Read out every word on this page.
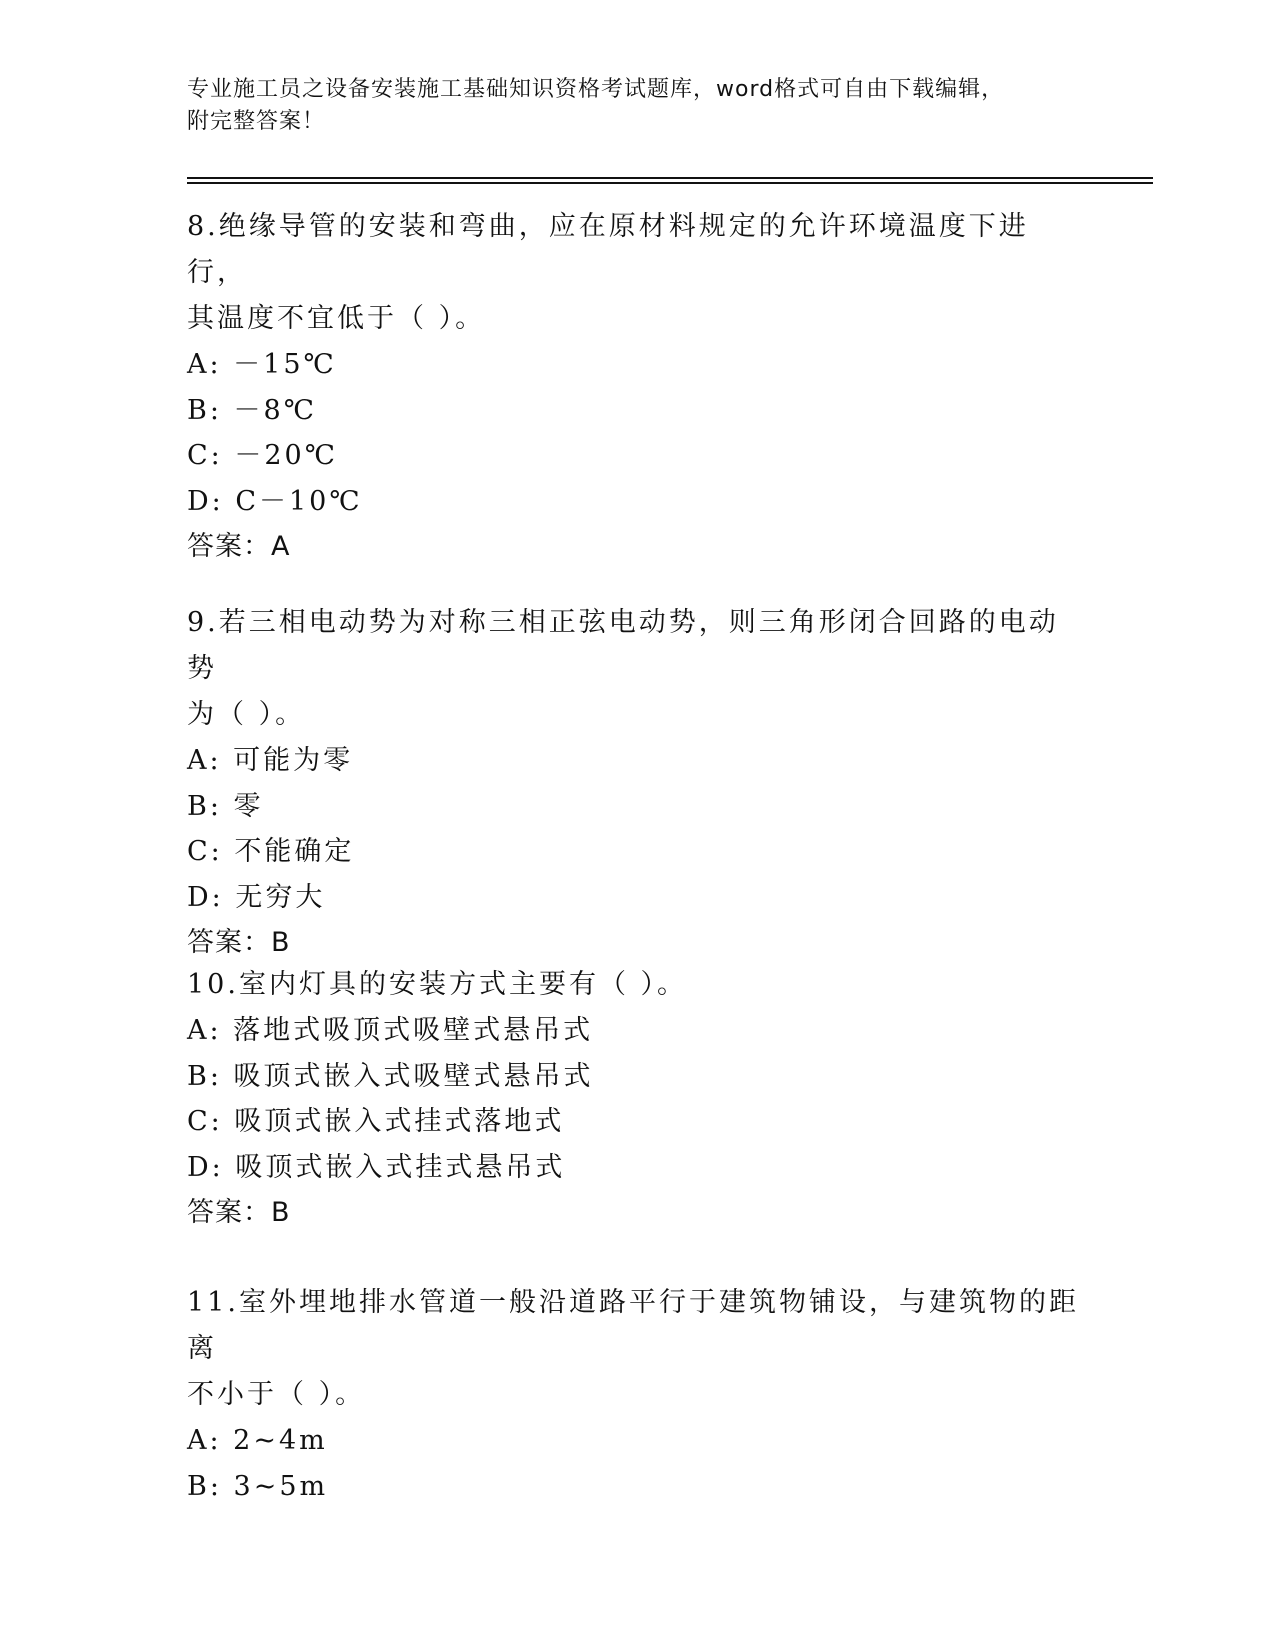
专业施工员之设备安装施工基础知识资格考试题库，word格式可自由下载编辑，
附完整答案！

8.绝缘导管的安装和弯曲，应在原材料规定的允许环境温度下进行，

其温度不宜低于（ ）。

A: －15℃

B: －8℃

C: －20℃

D: C－10℃

答案：A

9.若三相电动势为对称三相正弦电动势，则三角形闭合回路的电动势

为（ ）。

A: 可能为零

B: 零

C: 不能确定

D: 无穷大

答案：B

10.室内灯具的安装方式主要有（ ）。

A: 落地式吸顶式吸壁式悬吊式

B: 吸顶式嵌入式吸壁式悬吊式

C: 吸顶式嵌入式挂式落地式

D: 吸顶式嵌入式挂式悬吊式

答案：B

11.室外埋地排水管道一般沿道路平行于建筑物铺设，与建筑物的距离

不小于（ ）。

A: 2~4m

B: 3~5m
